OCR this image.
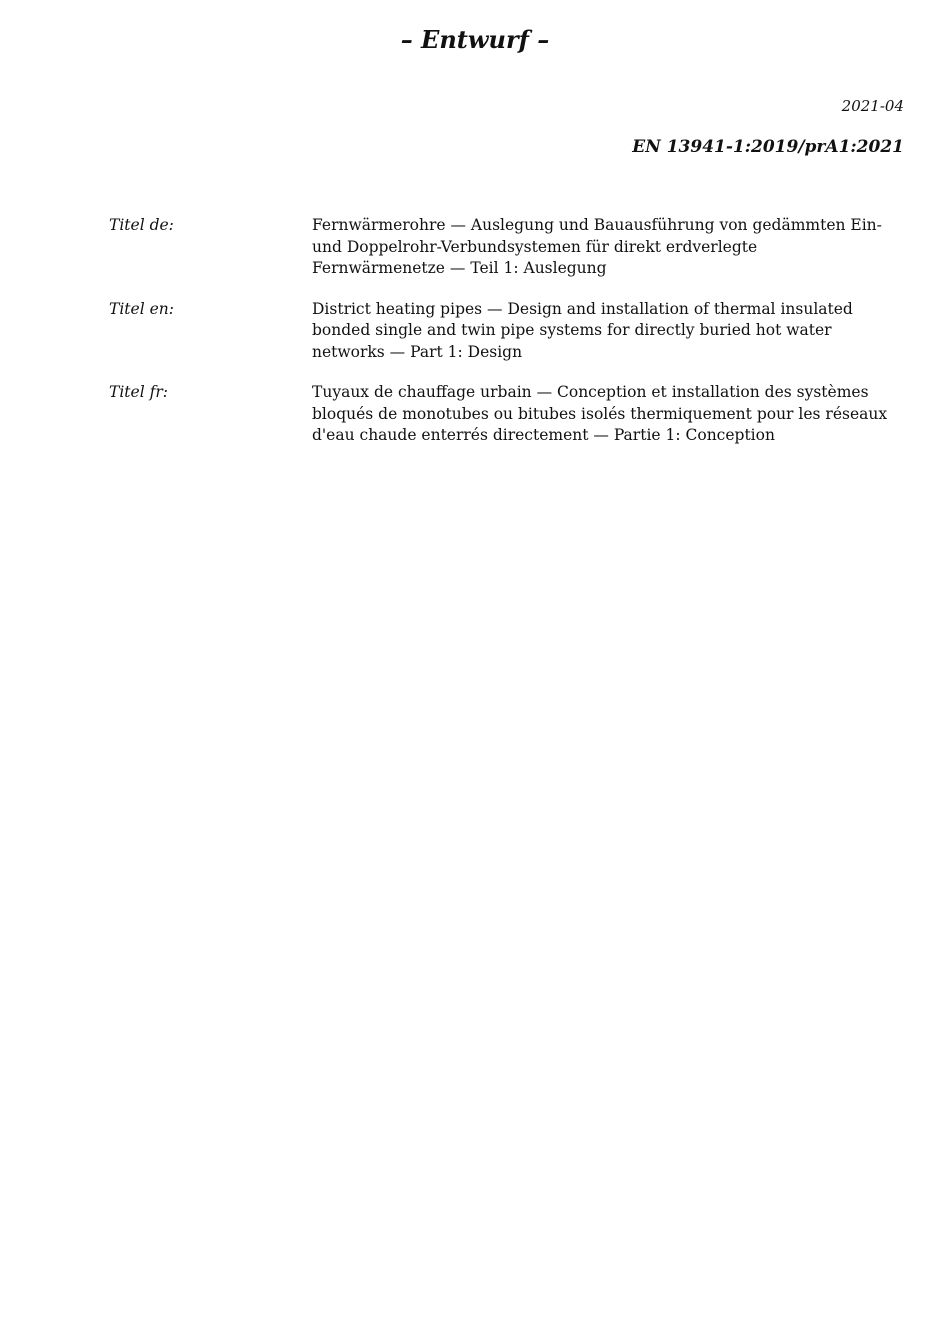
– Entwurf –
2021-04
EN 13941-1:2019/prA1:2021
Titel de:	Fernwärmerohre — Auslegung und Bauausführung von gedämmten Ein- und Doppelrohr-Verbundsystemen für direkt erdverlegte Fernwärmenetze — Teil 1: Auslegung
Titel en:	District heating pipes — Design and installation of thermal insulated bonded single and twin pipe systems for directly buried hot water networks — Part 1: Design
Titel fr:	Tuyaux de chauffage urbain — Conception et installation des systèmes bloqués de monotubes ou bitubes isolés thermiquement pour les réseaux d'eau chaude enterrés directement — Partie 1: Conception
